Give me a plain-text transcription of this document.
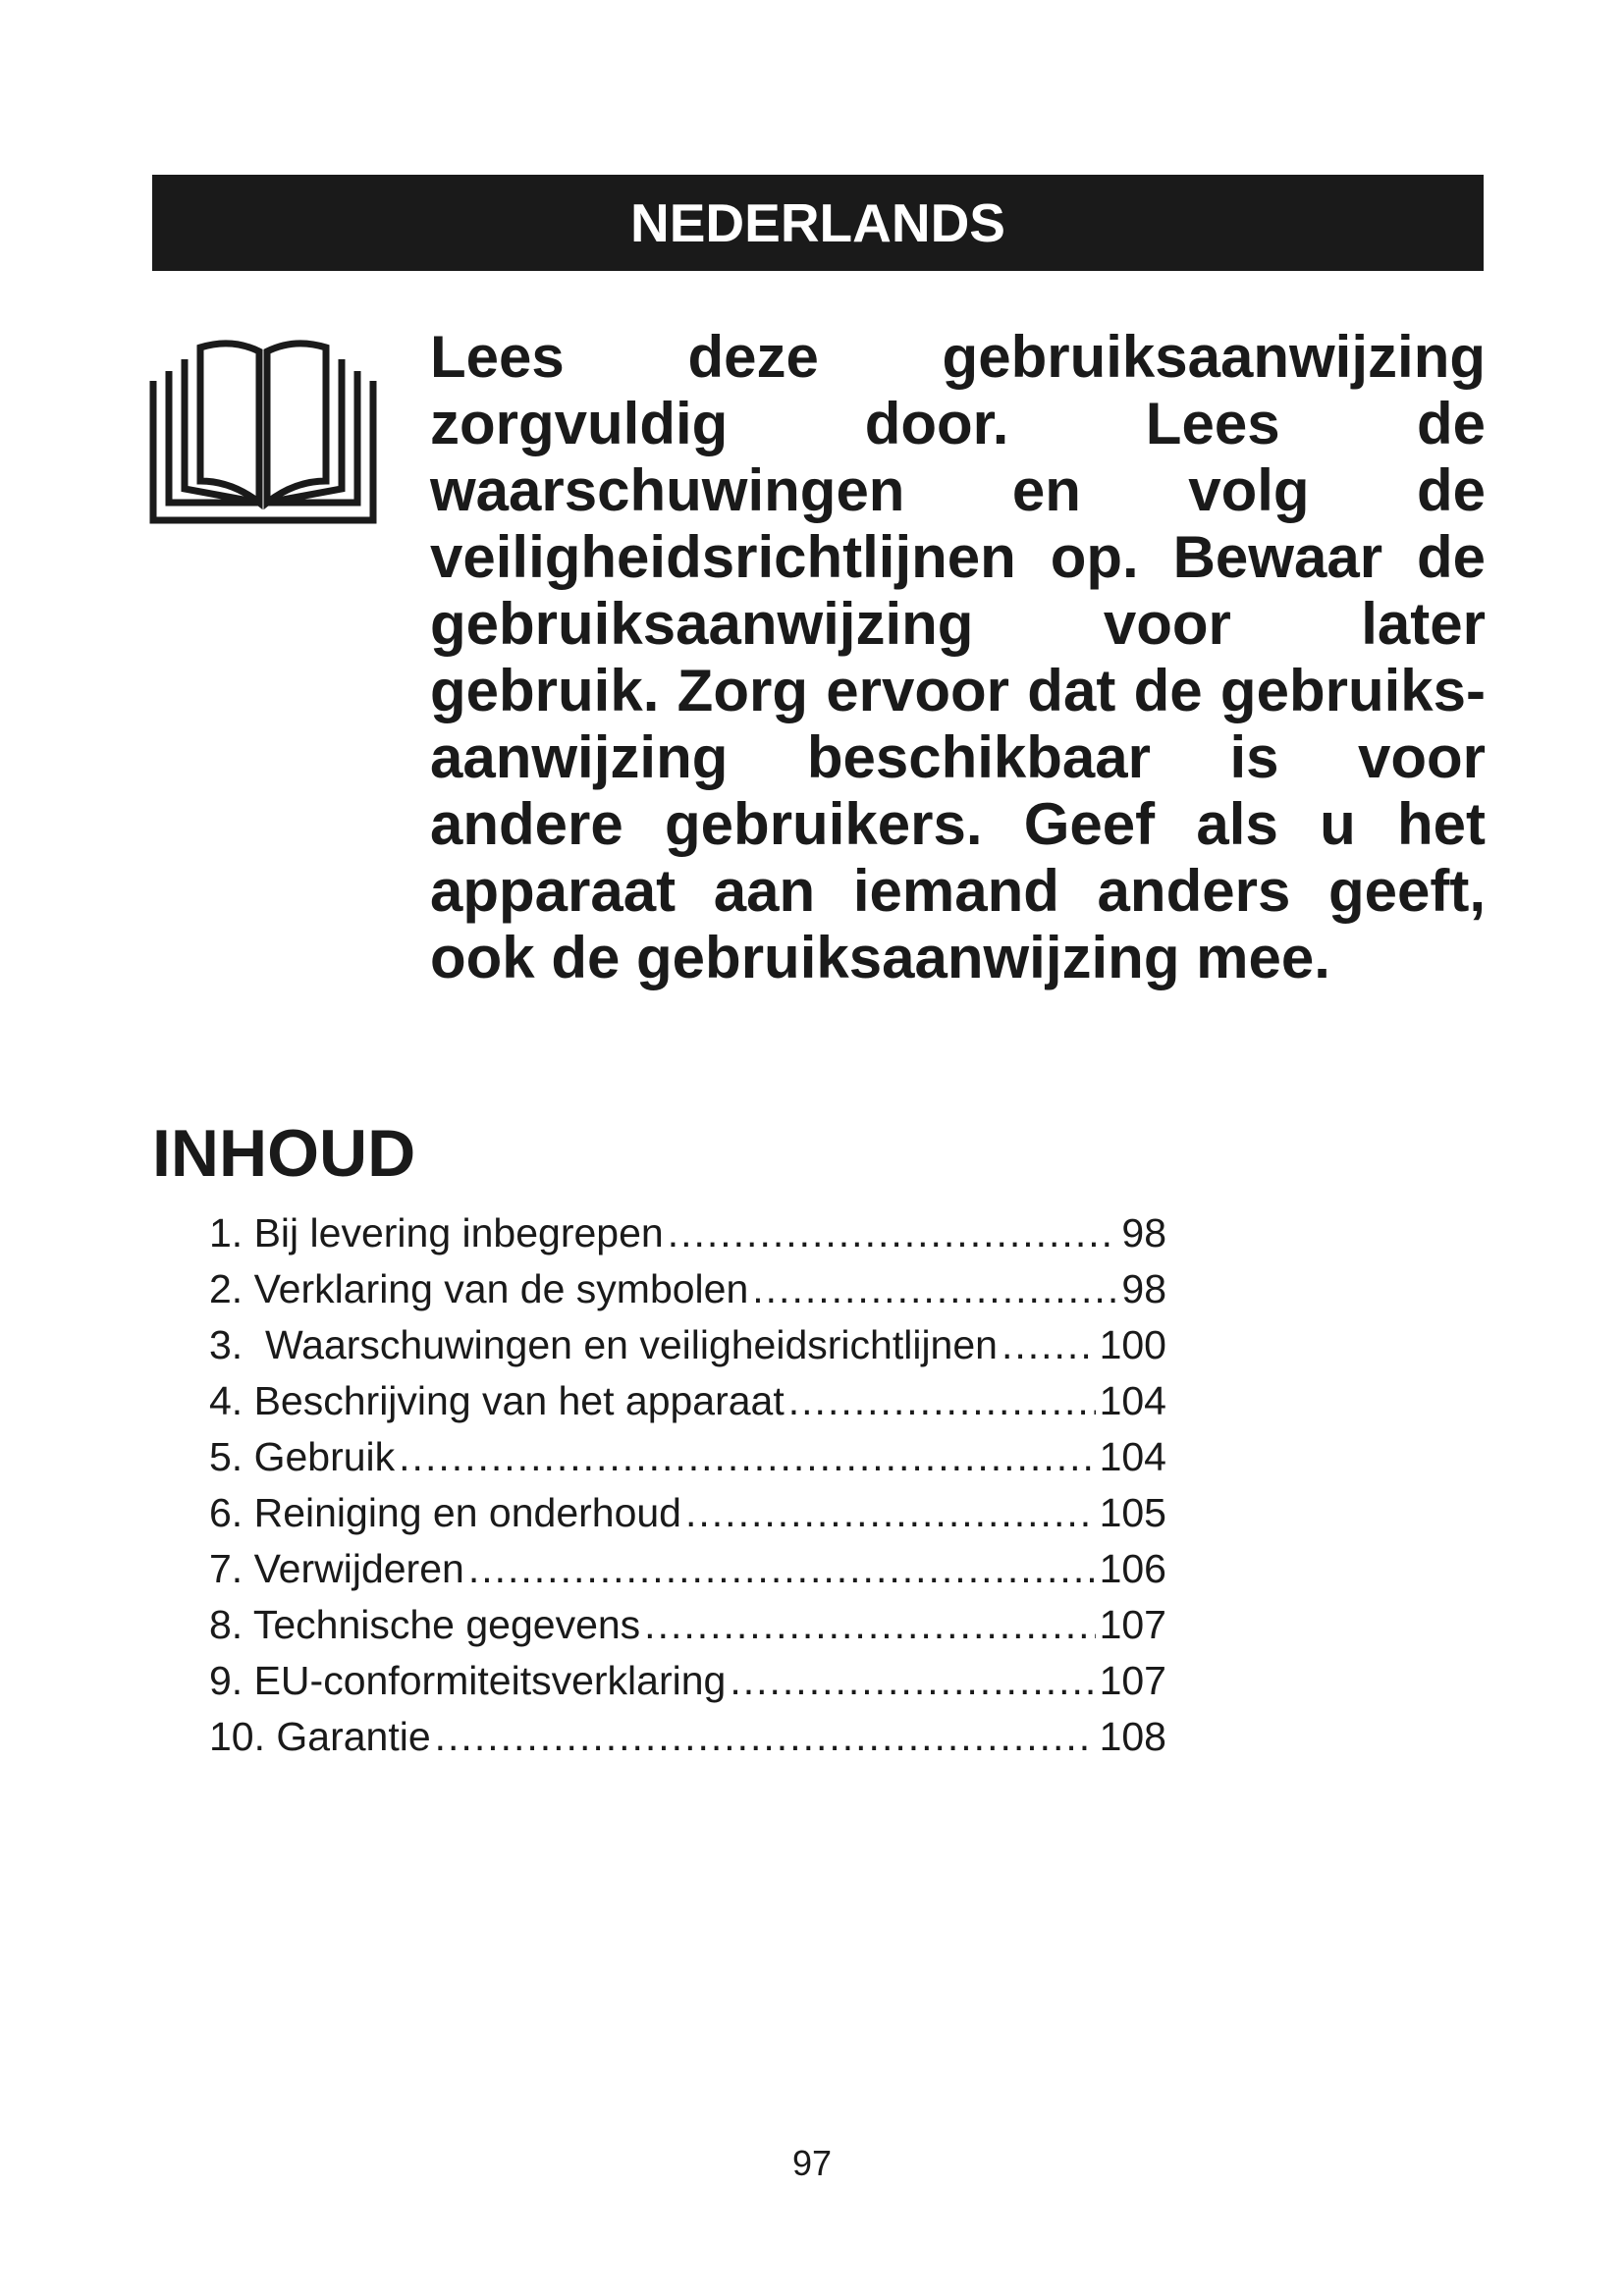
NEDERLANDS

Lees deze gebruiksaanwijzing zorgvuldig door. Lees de waarschuwingen en volg de veiligheidsrichtlijnen op. Bewaar de gebruiksaanwijzing voor later gebruik. Zorg ervoor dat de gebruiksaanwijzing beschikbaar is voor andere gebruikers. Geef als u het apparaat aan iemand anders geeft, ook de gebruiksaanwijzing mee.

INHOUD
1. Bij levering inbegrepen .....	98
2. Verklaring van de symbolen .....	98
3.  Waarschuwingen en veiligheidsrichtlijnen .....	100
4. Beschrijving van het apparaat .....	104
5. Gebruik .....	104
6. Reiniging en onderhoud .....	105
7. Verwijderen .....	106
8. Technische gegevens .....	107
9. EU-conformiteitsverklaring .....	107
10. Garantie .....	108
97
